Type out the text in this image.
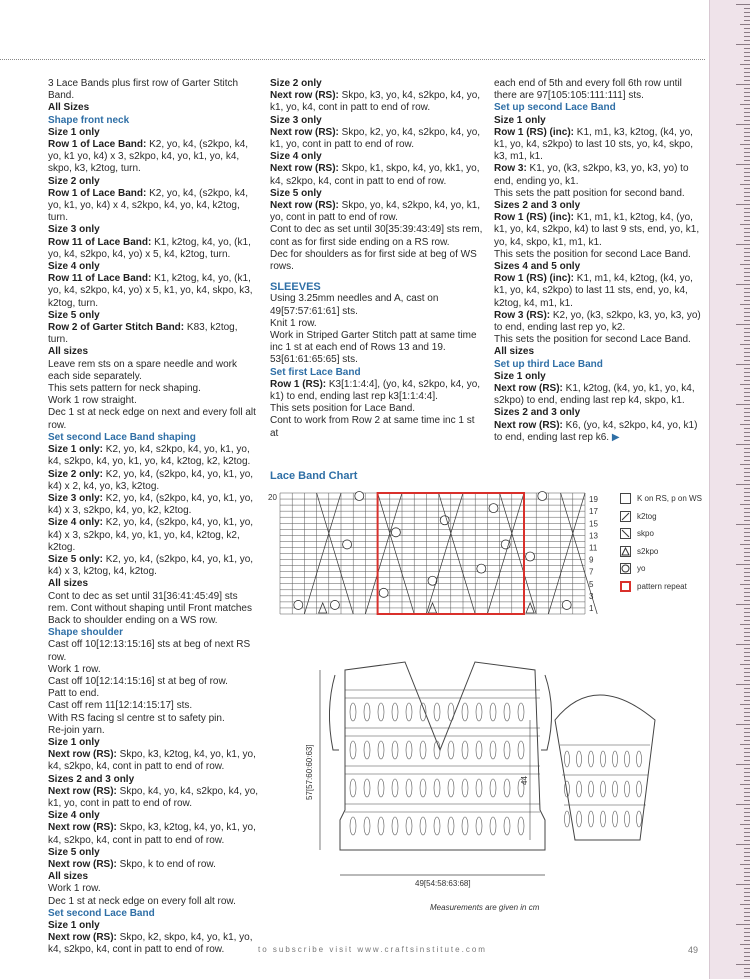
3 Lace Bands plus first row of Garter Stitch Band.

All Sizes

Shape front neck

Size 1 only

Row 1 of Lace Band: K2, yo, k4, (s2kpo, k4, yo, k1 yo, k4) x 3, s2kpo, k4, yo, k1, yo, k4, skpo, k3, k2tog, turn.

Size 2 only

Row 1 of Lace Band: K2, yo, k4, (s2kpo, k4, yo, k1, yo, k4) x 4, s2kpo, k4, yo, k4, k2tog, turn.

Size 3 only

Row 11 of Lace Band: K1, k2tog, k4, yo, (k1, yo, k4, s2kpo, k4, yo) x 5, k4, k2tog, turn.

Size 4 only

Row 11 of Lace Band: K1, k2tog, k4, yo, (k1, yo, k4, s2kpo, k4, yo) x 5, k1, yo, k4, skpo, k3, k2tog, turn.

Size 5 only

Row 2 of Garter Stitch Band: K83, k2tog, turn.

All sizes

Leave rem sts on a spare needle and work each side separately.

This sets pattern for neck shaping.

Work 1 row straight.

Dec 1 st at neck edge on next and every foll alt row.

Set second Lace Band shaping

Size 1 only: K2, yo, k4, s2kpo, k4, yo, k1, yo, k4, s2kpo, k4, yo, k1, yo, k4, k2tog, k2, k2tog.

Size 2 only: K2, yo, k4, (s2kpo, k4, yo, k1, yo, k4) x 2, k4, yo, k3, k2tog.

Size 3 only: K2, yo, k4, (s2kpo, k4, yo, k1, yo, k4) x 3, s2kpo, k4, yo, k2, k2tog.

Size 4 only: K2, yo, k4, (s2kpo, k4, yo, k1, yo, k4) x 3, s2kpo, k4, yo, k1, yo, k4, k2tog, k2, k2tog.

Size 5 only: K2, yo, k4, (s2kpo, k4, yo, k1, yo, k4) x 3, k2tog, k4, k2tog.

All sizes

Cont to dec as set until 31[36:41:45:49] sts rem. Cont without shaping until Front matches Back to shoulder ending on a WS row.

Shape shoulder

Cast off 10[12:13:15:16] sts at beg of next RS row.

Work 1 row.

Cast off 10[12:14:15:16] st at beg of row.

Patt to end.

Cast off rem 11[12:14:15:17] sts.

With RS facing sl centre st to safety pin.

Re-join yarn.

Size 1 only

Next row (RS): Skpo, k3, k2tog, k4, yo, k1, yo, k4, s2kpo, k4, cont in patt to end of row.

Sizes 2 and 3 only

Next row (RS): Skpo, k4, yo, k4, s2kpo, k4, yo, k1, yo, cont in patt to end of row.

Size 4 only

Next row (RS): Skpo, k3, k2tog, k4, yo, k1, yo, k4, s2kpo, k4, cont in patt to end of row.

Size 5 only

Next row (RS): Skpo, k to end of row.

All sizes

Work 1 row.

Dec 1 st at neck edge on every foll alt row.

Set second Lace Band

Size 1 only

Next row (RS): Skpo, k2, skpo, k4, yo, k1, yo, k4, s2kpo, k4, cont in patt to end of row.

Size 2 only

Next row (RS): Skpo, k3, yo, k4, s2kpo, k4, yo, k1, yo, k4, cont in patt to end of row.

Size 3 only

Next row (RS): Skpo, k2, yo, k4, s2kpo, k4, yo, k1, yo, cont in patt to end of row.

Size 4 only

Next row (RS): Skpo, k1, skpo, k4, yo, kk1, yo, k4, s2kpo, k4, cont in patt to end of row.

Size 5 only

Next row (RS): Skpo, yo, k4, s2kpo, k4, yo, k1, yo, cont in patt to end of row.

Cont to dec as set until 30[35:39:43:49] sts rem, cont as for first side ending on a RS row.

Dec for shoulders as for first side at beg of WS rows.

SLEEVES

Using 3.25mm needles and A, cast on 49[57:57:61:61] sts.

Knit 1 row.

Work in Striped Garter Stitch patt at same time inc 1 st at each end of Rows 13 and 19. 53[61:61:65:65] sts.

Set first Lace Band

Row 1 (RS): K3[1:1:4:4], (yo, k4, s2kpo, k4, yo, k1) to end, ending last rep k3[1:1:4:4].

This sets position for Lace Band.

Cont to work from Row 2 at same time inc 1 st at

each end of 5th and every foll 6th row until there are 97[105:105:111:111] sts.

Set up second Lace Band

Size 1 only

Row 1 (RS) (inc): K1, m1, k3, k2tog, (k4, yo, k1, yo, k4, s2kpo) to last 10 sts, yo, k4, skpo, k3, m1, k1.

Row 3: K1, yo, (k3, s2kpo, k3, yo, k3, yo) to end, ending yo, k1.

This sets the patt position for second band.

Sizes 2 and 3 only

Row 1 (RS) (inc): K1, m1, k1, k2tog, k4, (yo, k1, yo, k4, s2kpo, k4) to last 9 sts, end, yo, k1, yo, k4, skpo, k1, m1, k1.

This sets the position for second Lace Band.

Sizes 4 and 5 only

Row 1 (RS) (inc): K1, m1, k4, k2tog, (k4, yo, k1, yo, k4, s2kpo) to last 11 sts, end, yo, k4, k2tog, k4, m1, k1.

Row 3 (RS): K2, yo, (k3, s2kpo, k3, yo, k3, yo) to end, ending last rep yo, k2.

This sets the position for second Lace Band.

All sizes

Set up third Lace Band

Size 1 only

Next row (RS): K1, k2tog, (k4, yo, k1, yo, k4, s2kpo) to end, ending last rep k4, skpo, k1.

Sizes 2 and 3 only

Next row (RS): K6, (yo, k4, s2kpo, k4, yo, k1) to end, ending last rep k6. ▶

Lace Band Chart
20	19
17
15
13
11
9
7
5
3
1
K on RS, p on WS
k2tog
skpo
s2kpo
yo
pattern repeat
49[54:58:63:68]
57[57:60:60:63]	44
Measurements are given in cm
to subscribe visit www.craftsinstitute.com	49
